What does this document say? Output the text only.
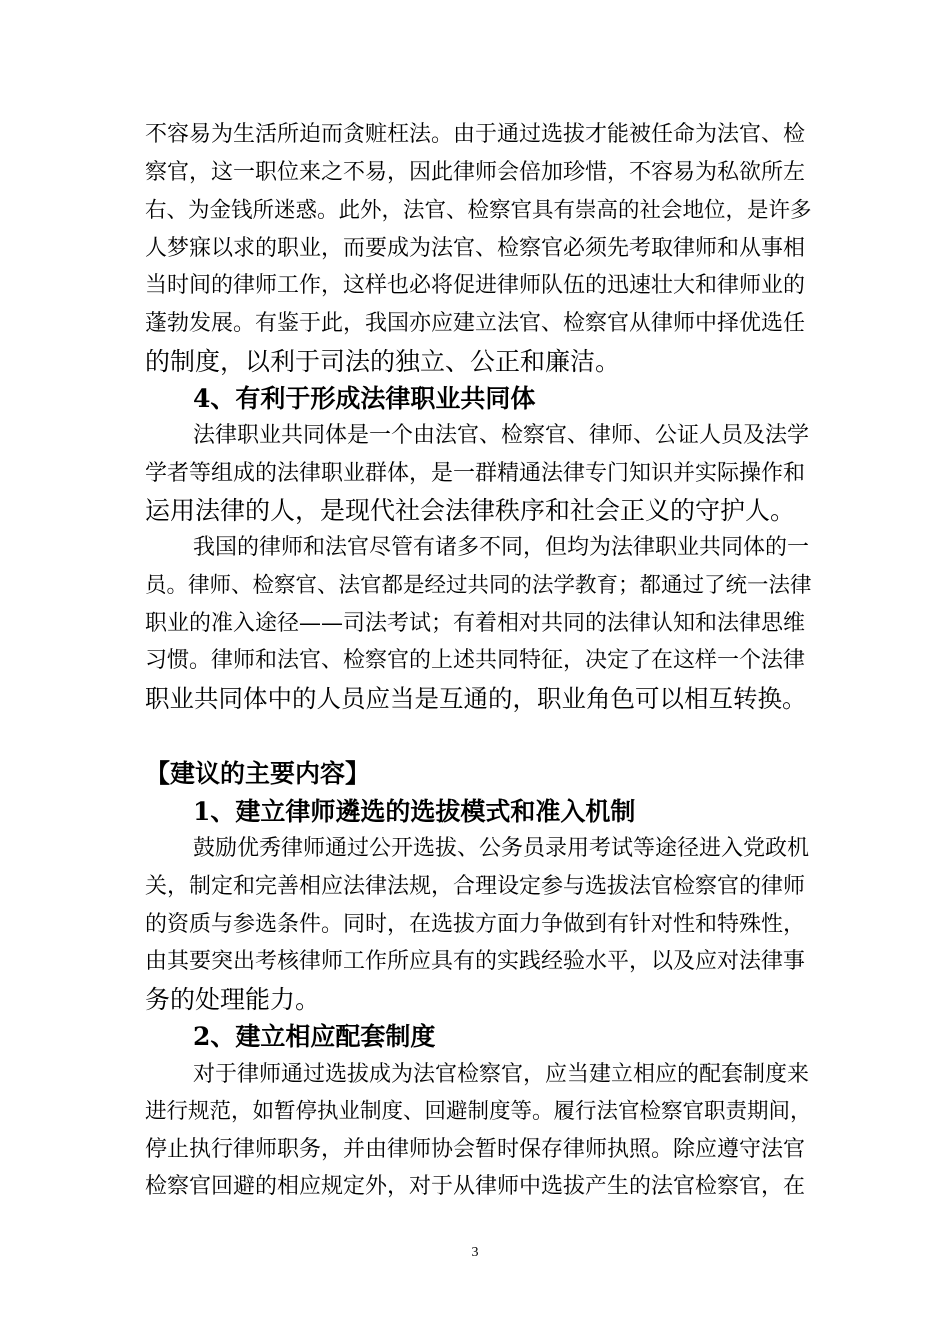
不容易为生活所迫而贪赃枉法。由于通过选拔才能被任命为法官、检
察官，这一职位来之不易，因此律师会倍加珍惜，不容易为私欲所左
右、为金钱所迷惑。此外，法官、检察官具有崇高的社会地位，是许多
人梦寐以求的职业，而要成为法官、检察官必须先考取律师和从事相
当时间的律师工作，这样也必将促进律师队伍的迅速壮大和律师业的
蓬勃发展。有鉴于此，我国亦应建立法官、检察官从律师中择优选任
的制度，以利于司法的独立、公正和廉洁。
4、有利于形成法律职业共同体
法律职业共同体是一个由法官、检察官、律师、公证人员及法学
学者等组成的法律职业群体，是一群精通法律专门知识并实际操作和
运用法律的人，是现代社会法律秩序和社会正义的守护人。
我国的律师和法官尽管有诸多不同，但均为法律职业共同体的一
员。律师、检察官、法官都是经过共同的法学教育；都通过了统一法律
职业的准入途径——司法考试；有着相对共同的法律认知和法律思维
习惯。律师和法官、检察官的上述共同特征，决定了在这样一个法律
职业共同体中的人员应当是互通的，职业角色可以相互转换。
【建议的主要内容】
1、建立律师遴选的选拔模式和准入机制
鼓励优秀律师通过公开选拔、公务员录用考试等途径进入党政机
关，制定和完善相应法律法规，合理设定参与选拔法官检察官的律师
的资质与参选条件。同时，在选拔方面力争做到有针对性和特殊性，
由其要突出考核律师工作所应具有的实践经验水平，以及应对法律事
务的处理能力。
2、建立相应配套制度
对于律师通过选拔成为法官检察官，应当建立相应的配套制度来
进行规范，如暂停执业制度、回避制度等。履行法官检察官职责期间，
停止执行律师职务，并由律师协会暂时保存律师执照。除应遵守法官
检察官回避的相应规定外，对于从律师中选拔产生的法官检察官，在
3
